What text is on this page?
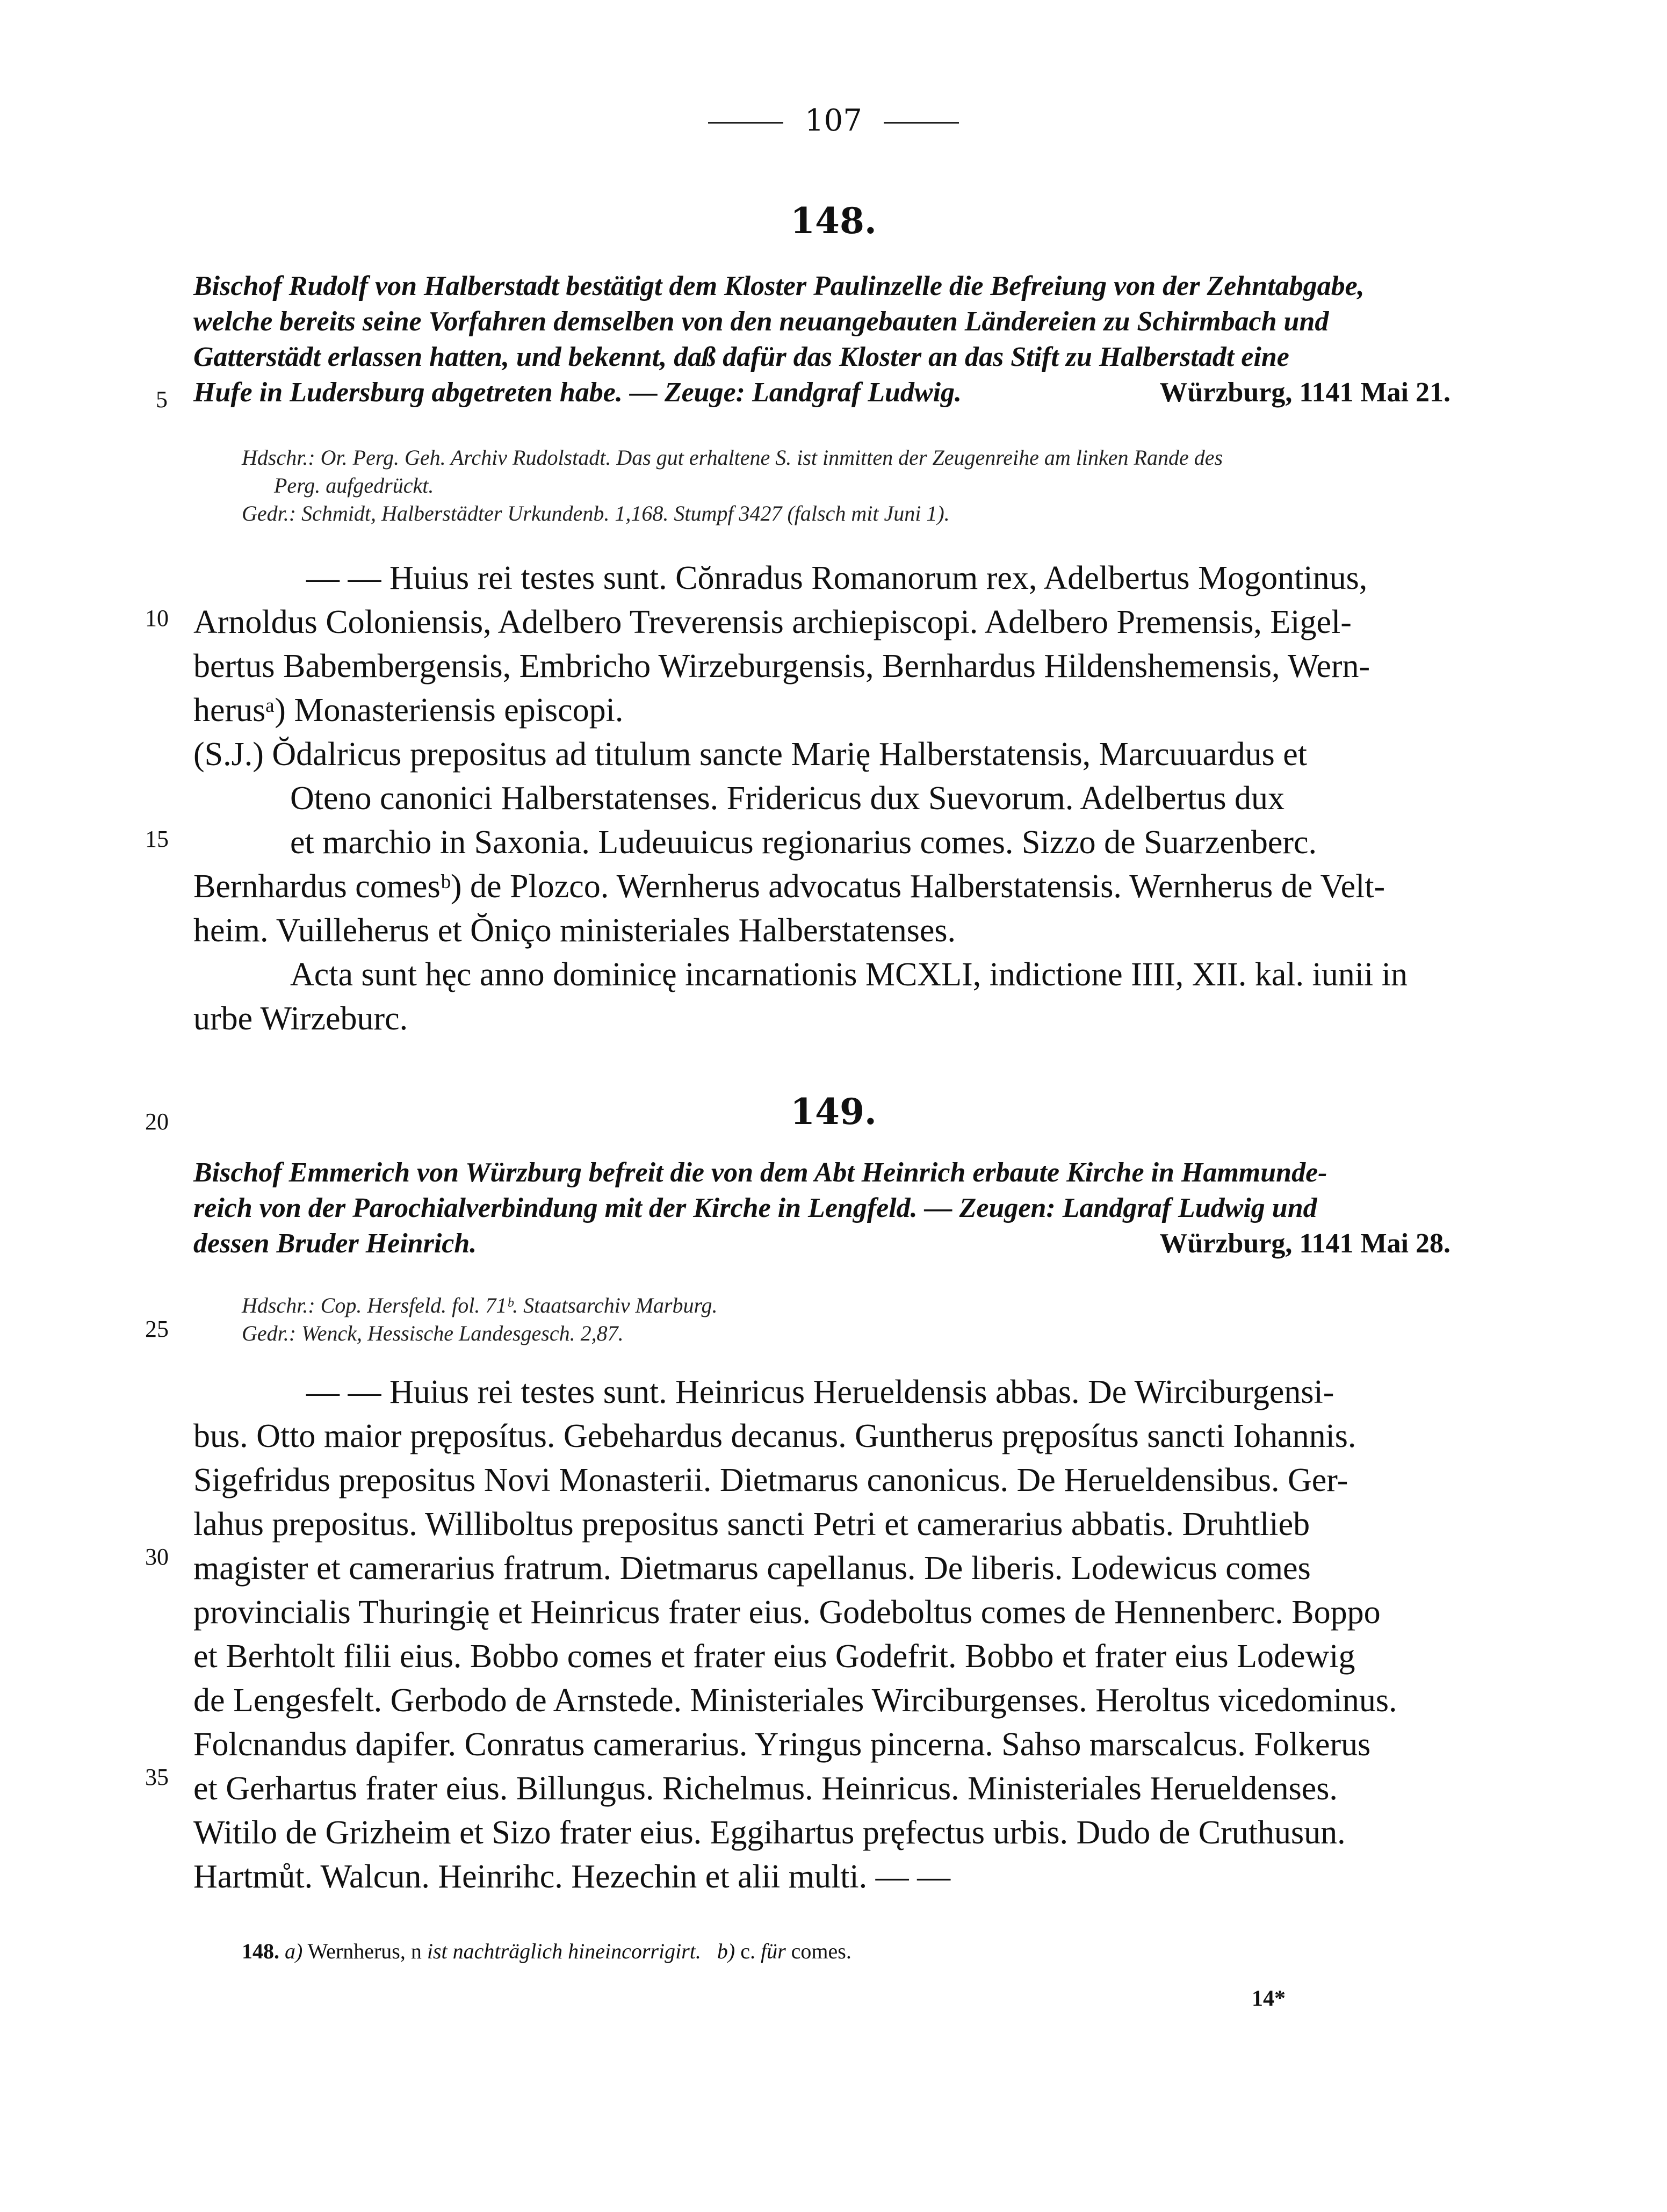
107
148.
Bischof Rudolf von Halberstadt bestätigt dem Kloster Paulinzelle die Befreiung von der Zehntabgabe,
welche bereits seine Vorfahren demselben von den neuangebauten Ländereien zu Schirmbach und
Gatterstädt erlassen hatten, und bekennt, daß dafür das Kloster an das Stift zu Halberstadt eine
Hufe in Ludersburg abgetreten habe. — Zeuge: Landgraf Ludwig.	Würzburg, 1141 Mai 21.
Hdschr.: Or. Perg. Geh. Archiv Rudolstadt. Das gut erhaltene S. ist inmitten der Zeugenreihe am linken Rande des
Perg. aufgedrückt.
Gedr.: Schmidt, Halberstädter Urkundenb. 1,168. Stumpf 3427 (falsch mit Juni 1).
— — Huius rei testes sunt. Cŏnradus Romanorum rex, Adelbertus Mogontinus,
Arnoldus Coloniensis, Adelbero Treverensis archiepiscopi. Adelbero Premensis, Eigel-
bertus Babembergensis, Embricho Wirzeburgensis, Bernhardus Hildenshemensis, Wern-
herusᵃ) Monasteriensis episcopi.
(S.J.) Ŏdalricus prepositus ad titulum sancte Marię Halberstatensis, Marcuuardus et
Oteno canonici Halberstatenses. Fridericus dux Suevorum. Adelbertus dux
et marchio in Saxonia. Ludeuuicus regionarius comes. Sizzo de Suarzenberc.
Bernhardus comesᵇ) de Plozco. Wernherus advocatus Halberstatensis. Wernherus de Velt-
heim. Vuilleherus et Ŏniço ministeriales Halberstatenses.
Acta sunt hęc anno dominicę incarnationis MCXLI, indictione IIII, XII. kal. iunii in
urbe Wirzeburc.
149.
Bischof Emmerich von Würzburg befreit die von dem Abt Heinrich erbaute Kirche in Hammunde-
reich von der Parochialverbindung mit der Kirche in Lengfeld. — Zeugen: Landgraf Ludwig und
dessen Bruder Heinrich.	Würzburg, 1141 Mai 28.
Hdschr.: Cop. Hersfeld. fol. 71ᵇ. Staatsarchiv Marburg.
Gedr.: Wenck, Hessische Landesgesch. 2,87.
— — Huius rei testes sunt. Heinricus Herueldensis abbas. De Wirciburgensi-
bus. Otto maior pręposítus. Gebehardus decanus. Guntherus pręposítus sancti Iohannis.
Sigefridus prepositus Novi Monasterii. Dietmarus canonicus. De Herueldensibus. Ger-
lahus prepositus. Williboltus prepositus sancti Petri et camerarius abbatis. Druhtlieb
magister et camerarius fratrum. Dietmarus capellanus. De liberis. Lodewicus comes
provincialis Thuringię et Heinricus frater eius. Godeboltus comes de Hennenberc. Boppo
et Berhtolt filii eius. Bobbo comes et frater eius Godefrit. Bobbo et frater eius Lodewig
de Lengesfelt. Gerbodo de Arnstede. Ministeriales Wirciburgenses. Heroltus vicedominus.
Folcnandus dapifer. Conratus camerarius. Yringus pincerna. Sahso marscalcus. Folkerus
et Gerhartus frater eius. Billungus. Richelmus. Heinricus. Ministeriales Herueldenses.
Witilo de Grizheim et Sizo frater eius. Eggihartus pręfectus urbis. Dudo de Cruthusun.
Hartmůt. Walcun. Heinrihc. Hezechin et alii multi. — —
5
10
15
20
25
30
35
148. a) Wernherus, n ist nachträglich hineincorrigirt. b) c. für comes.
14*
